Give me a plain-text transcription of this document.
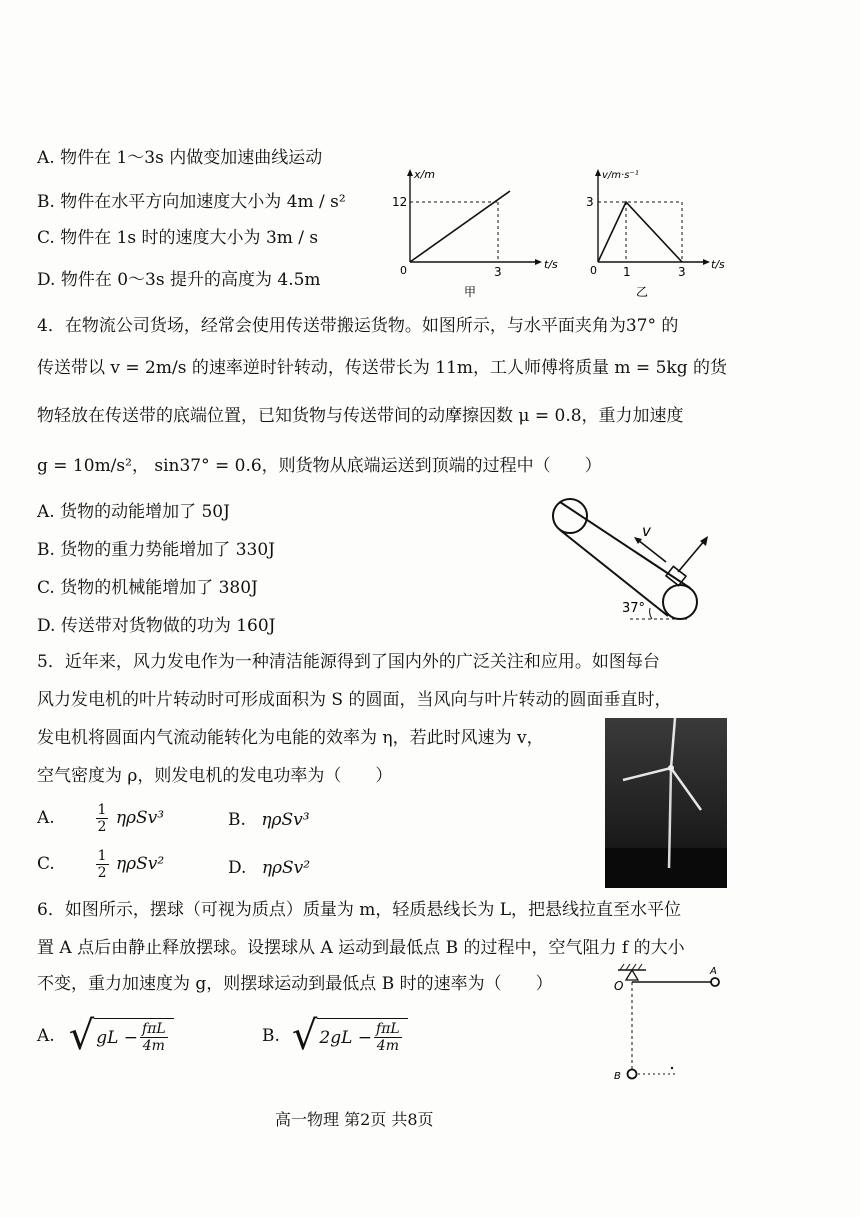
A. 物件在 1～3s 内做变加速曲线运动
B. 物件在水平方向加速度大小为 4m / s²
C. 物件在 1s 时的速度大小为 3m / s
D. 物件在 0～3s 提升的高度为 4.5m
x/m
12
0	3
t/s
甲
v/m·s⁻¹
3
0 1	3
t/s
乙
4．在物流公司货场，经常会使用传送带搬运货物。如图所示，与水平面夹角为37° 的
传送带以 v = 2m/s 的速率逆时针转动，传送带长为 11m，工人师傅将质量 m = 5kg 的货
物轻放在传送带的底端位置，已知货物与传送带间的动摩擦因数 μ = 0.8，重力加速度
g = 10m/s²， sin37° = 0.6，则货物从底端运送到顶端的过程中（　　）
A. 货物的动能增加了 50J
B. 货物的重力势能增加了 330J
C. 货物的机械能增加了 380J
D. 传送带对货物做的功为 160J
v
37°
5．近年来，风力发电作为一种清洁能源得到了国内外的广泛关注和应用。如图每台
风力发电机的叶片转动时可形成面积为 S 的圆面，当风向与叶片转动的圆面垂直时，
发电机将圆面内气流动能转化为电能的效率为 η，若此时风速为 v，
空气密度为 ρ，则发电机的发电功率为（　　）
A.	$\frac{1}{2} \eta\rho Sv^3$	B. ηρSv³
C.	$\frac{1}{2} \eta\rho Sv^2$	D. ηρSv²
6．如图所示，摆球（可视为质点）质量为 m，轻质悬线长为 L，把悬线拉直至水平位
置 A 点后由静止释放摆球。设摆球从 A 运动到最低点 B 的过程中，空气阻力 f 的大小
不变，重力加速度为 g，则摆球运动到最低点 B 时的速率为（　　）
A. √ gL − $\frac{\text{fπL}}{4m}$	B. √ $2gL - \frac{\text{fπL}}{4m}$
O
A
B
高一物理 第2页 共8页
